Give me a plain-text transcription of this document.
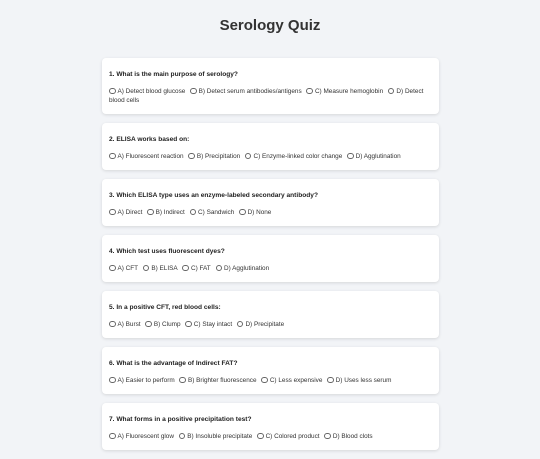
Serology Quiz
1. What is the main purpose of serology?
A) Detect blood glucose B) Detect serum antibodies/antigens C) Measure hemoglobin D) Detect blood cells
2. ELISA works based on:
A) Fluorescent reaction B) Precipitation C) Enzyme-linked color change D) Agglutination
3. Which ELISA type uses an enzyme-labeled secondary antibody?
A) Direct B) Indirect C) Sandwich D) None
4. Which test uses fluorescent dyes?
A) CFT B) ELISA C) FAT D) Agglutination
5. In a positive CFT, red blood cells:
A) Burst B) Clump C) Stay intact D) Precipitate
6. What is the advantage of Indirect FAT?
A) Easier to perform B) Brighter fluorescence C) Less expensive D) Uses less serum
7. What forms in a positive precipitation test?
A) Fluorescent glow B) Insoluble precipitate C) Colored product D) Blood clots
